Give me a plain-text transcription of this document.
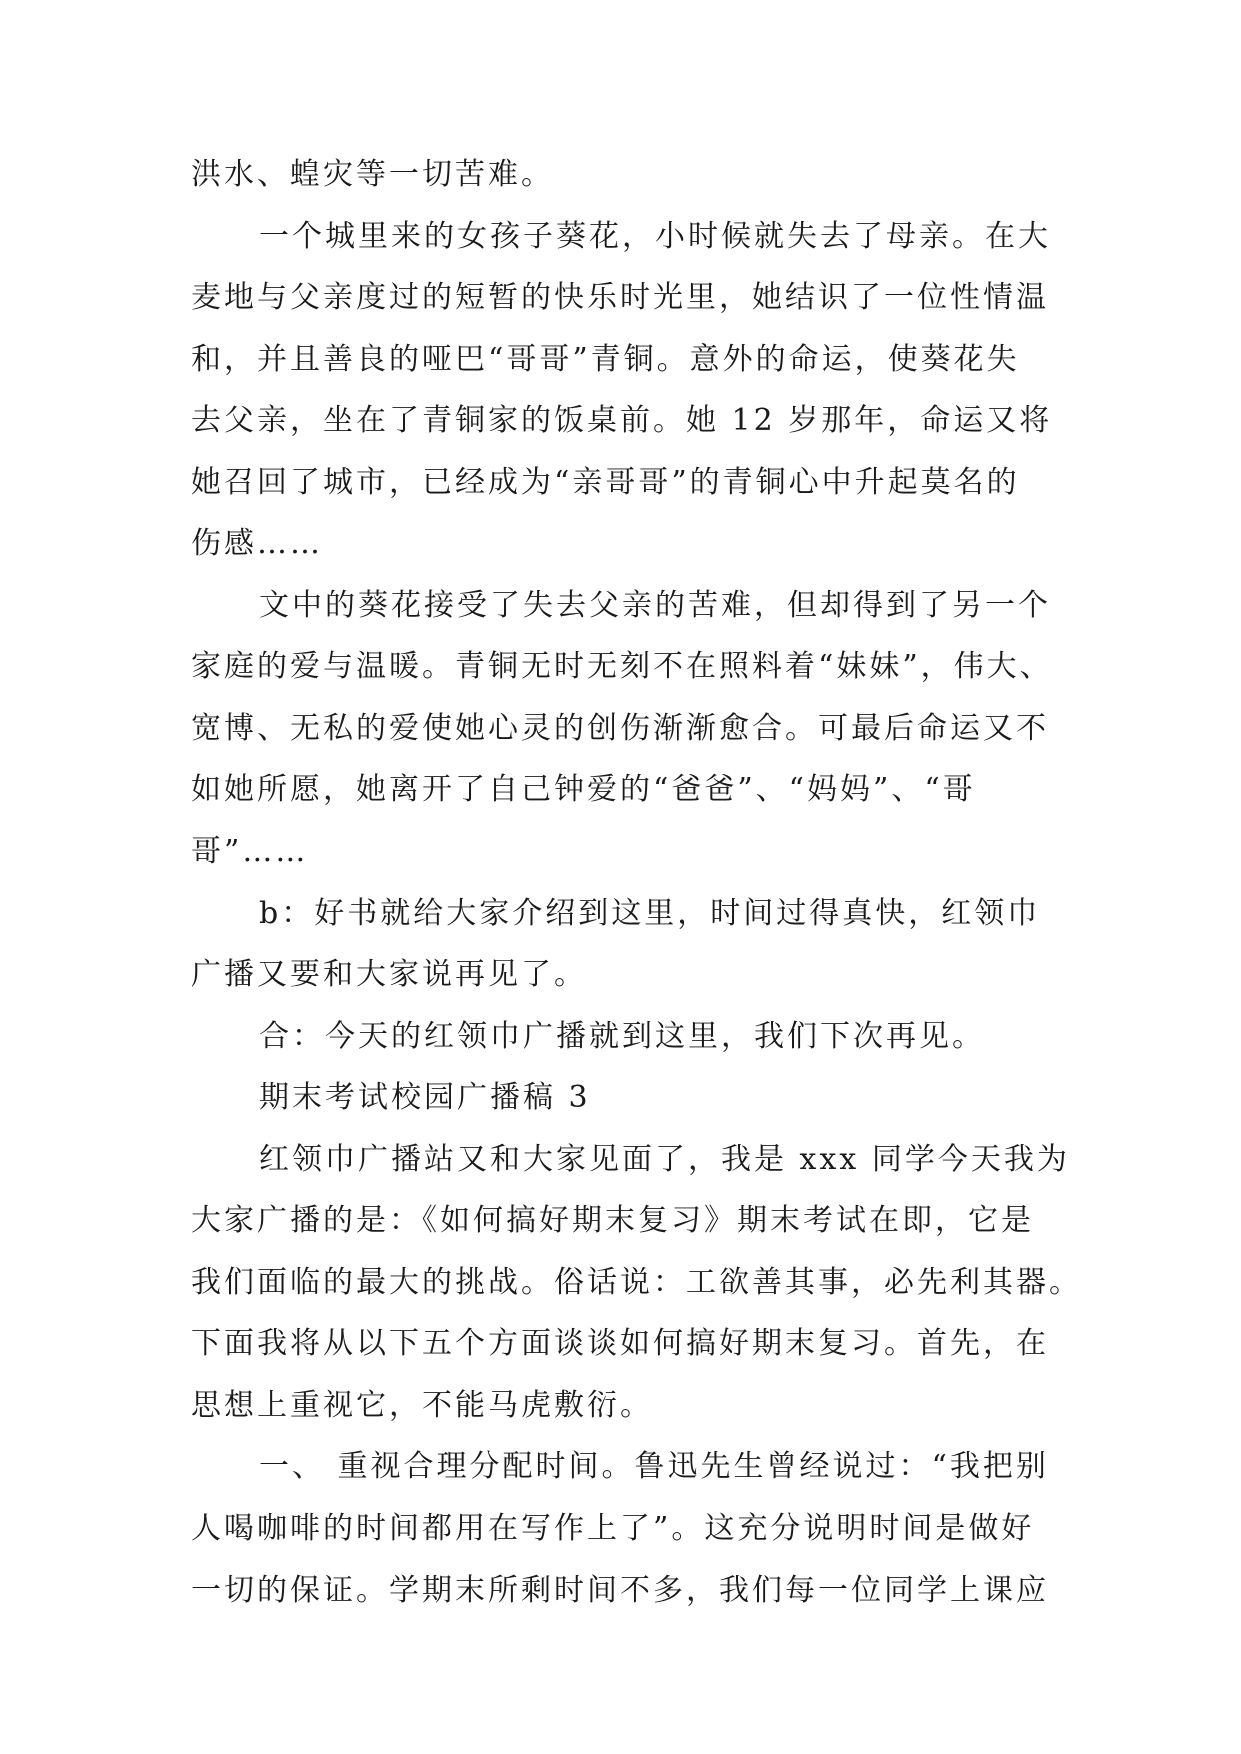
洪水、蝗灾等一切苦难。
一个城里来的女孩子葵花，小时候就失去了母亲。在大
麦地与父亲度过的短暂的快乐时光里，她结识了一位性情温
和，并且善良的哑巴“哥哥”青铜。意外的命运，使葵花失
去父亲，坐在了青铜家的饭桌前。她 12 岁那年，命运又将
她召回了城市，已经成为“亲哥哥”的青铜心中升起莫名的
伤感……
文中的葵花接受了失去父亲的苦难，但却得到了另一个
家庭的爱与温暖。青铜无时无刻不在照料着“妹妹”，伟大、
宽博、无私的爱使她心灵的创伤渐渐愈合。可最后命运又不
如她所愿，她离开了自己钟爱的“爸爸”、“妈妈”、“哥
哥”……
b：好书就给大家介绍到这里，时间过得真快，红领巾
广播又要和大家说再见了。
合：今天的红领巾广播就到这里，我们下次再见。
期末考试校园广播稿 3
红领巾广播站又和大家见面了，我是 xxx 同学今天我为
大家广播的是：《如何搞好期末复习》期末考试在即，它是
我们面临的最大的挑战。俗话说：工欲善其事，必先利其器。
下面我将从以下五个方面谈谈如何搞好期末复习。首先，在
思想上重视它，不能马虎敷衍。
一、 重视合理分配时间。鲁迅先生曾经说过：“我把别
人喝咖啡的时间都用在写作上了”。这充分说明时间是做好
一切的保证。学期末所剩时间不多，我们每一位同学上课应
